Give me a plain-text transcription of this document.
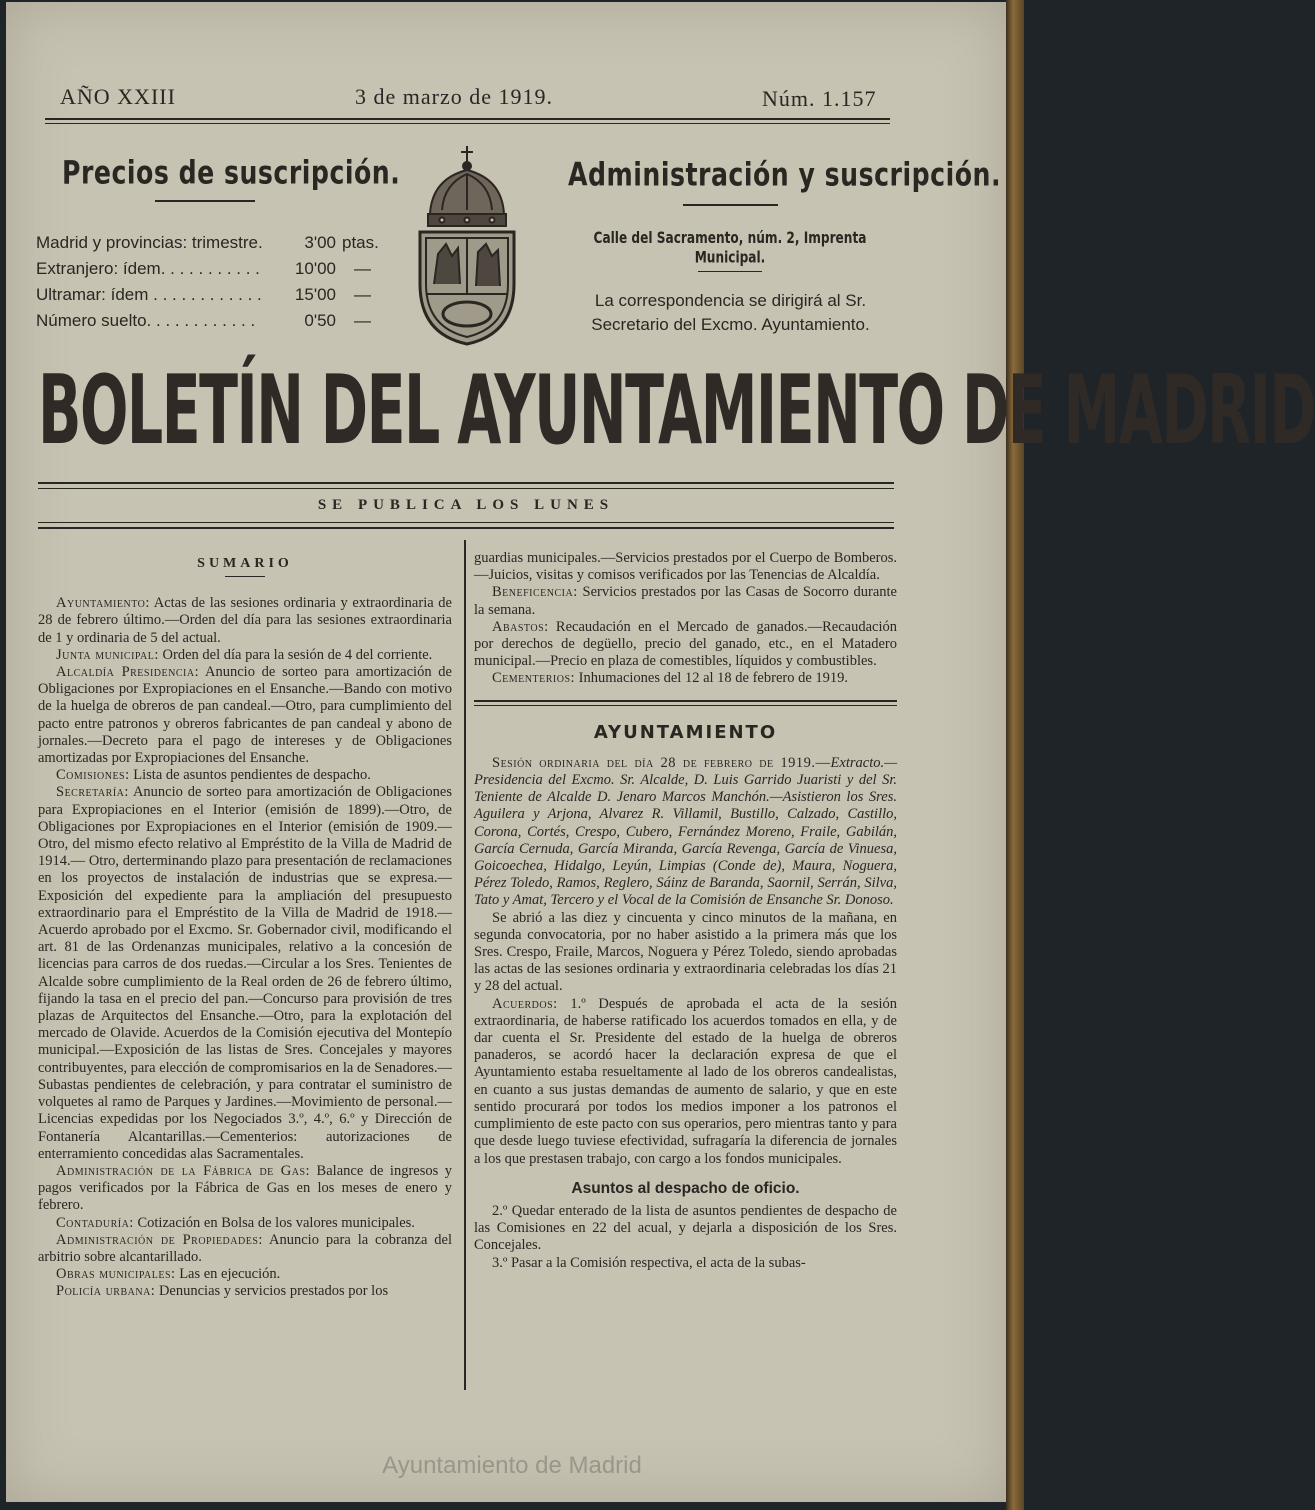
AÑO XXIII	3 de marzo de 1919.	Núm. 1.157
Precios de suscripción.
Madrid y provincias: trimestre.	3'00 ptas.
Extranjero: ídem. . . . . . . . . . .	10'00 —
Ultramar: ídem . . . . . . . . . . . .	15'00 —
Número suelto. . . . . . . . . . . .	0'50 —
Administración y suscripción.
Calle del Sacramento, núm. 2, Imprenta Municipal.
La correspondencia se dirigirá al Sr. Secretario del Excmo. Ayuntamiento.
BOLETÍN DEL AYUNTAMIENTO DE MADRID
SE PUBLICA LOS LUNES
SUMARIO

Ayuntamiento: Actas de las sesiones ordinaria y extraordinaria de 28 de febrero último.—Orden del día para las sesiones extraordinaria de 1 y ordinaria de 5 del actual.

Junta municipal: Orden del día para la sesión de 4 del corriente.

Alcaldía Presidencia: Anuncio de sorteo para amortización de Obligaciones por Expropiaciones en el Ensanche.—Bando con motivo de la huelga de obreros de pan candeal.—Otro, para cumplimiento del pacto entre patronos y obreros fabricantes de pan candeal y abono de jornales.—Decreto para el pago de intereses y de Obligaciones amortizadas por Expropiaciones del Ensanche.

Comisiones: Lista de asuntos pendientes de despacho.

Secretaría: Anuncio de sorteo para amortización de Obligaciones para Expropiaciones en el Interior (emisión de 1899).—Otro, de Obligaciones por Expropiaciones en el Interior (emisión de 1909.—Otro, del mismo efecto relativo al Empréstito de la Villa de Madrid de 1914.— Otro, derterminando plazo para presentación de reclamaciones en los proyectos de instalación de industrias que se expresa.—Exposición del expediente para la ampliación del presupuesto extraordinario para el Empréstito de la Villa de Madrid de 1918.—Acuerdo aprobado por el Excmo. Sr. Gobernador civil, modificando el art. 81 de las Ordenanzas municipales, relativo a la concesión de licencias para carros de dos ruedas.—Circular a los Sres. Tenientes de Alcalde sobre cumplimiento de la Real orden de 26 de febrero último, fijando la tasa en el precio del pan.—Concurso para provisión de tres plazas de Arquitectos del Ensanche.—Otro, para la explotación del mercado de Olavide. Acuerdos de la Comisión ejecutiva del Montepío municipal.—Exposición de las listas de Sres. Concejales y mayores contribuyentes, para elección de compromisarios en la de Senadores.—Subastas pendientes de celebración, y para contratar el suministro de volquetes al ramo de Parques y Jardines.—Movimiento de personal.—Licencias expedidas por los Negociados 3.º, 4.º, 6.º y Dirección de Fontanería Alcantarillas.—Cementerios: autorizaciones de enterramiento concedidas alas Sacramentales.

Administración de la Fábrica de Gas: Balance de ingresos y pagos verificados por la Fábrica de Gas en los meses de enero y febrero.

Contaduría: Cotización en Bolsa de los valores municipales.

Administración de Propiedades: Anuncio para la cobranza del arbitrio sobre alcantarillado.

Obras municipales: Las en ejecución.

Policía urbana: Denuncias y servicios prestados por los

guardias municipales.—Servicios prestados por el Cuerpo de Bomberos.—Juicios, visitas y comisos verificados por las Tenencias de Alcaldía.

Beneficencia: Servicios prestados por las Casas de Socorro durante la semana.

Abastos: Recaudación en el Mercado de ganados.—Recaudación por derechos de degüello, precio del ganado, etc., en el Matadero municipal.—Precio en plaza de comestibles, líquidos y combustibles.

Cementerios: Inhumaciones del 12 al 18 de febrero de 1919.

AYUNTAMIENTO

Sesión ordinaria del día 28 de febrero de 1919.—Extracto.—Presidencia del Excmo. Sr. Alcalde, D. Luis Garrido Juaristi y del Sr. Teniente de Alcalde D. Jenaro Marcos Manchón.—Asistieron los Sres. Aguilera y Arjona, Alvarez R. Villamil, Bustillo, Calzado, Castillo, Corona, Cortés, Crespo, Cubero, Fernández Moreno, Fraile, Gabilán, García Cernuda, García Miranda, García Revenga, García de Vinuesa, Goicoechea, Hidalgo, Leyún, Limpias (Conde de), Maura, Noguera, Pérez Toledo, Ramos, Reglero, Sáinz de Baranda, Saornil, Serrán, Silva, Tato y Amat, Tercero y el Vocal de la Comisión de Ensanche Sr. Donoso.

Se abrió a las diez y cincuenta y cinco minutos de la mañana, en segunda convocatoria, por no haber asistido a la primera más que los Sres. Crespo, Fraile, Marcos, Noguera y Pérez Toledo, siendo aprobadas las actas de las sesiones ordinaria y extraordinaria celebradas los días 21 y 28 del actual.

Acuerdos: 1.º Después de aprobada el acta de la sesión extraordinaria, de haberse ratificado los acuerdos tomados en ella, y de dar cuenta el Sr. Presidente del estado de la huelga de obreros panaderos, se acordó hacer la declaración expresa de que el Ayuntamiento estaba resueltamente al lado de los obreros candealistas, en cuanto a sus justas demandas de aumento de salario, y que en este sentido procurará por todos los medios imponer a los patronos el cumplimiento de este pacto con sus operarios, pero mientras tanto y para que desde luego tuviese efectividad, sufragaría la diferencia de jornales a los que prestasen trabajo, con cargo a los fondos municipales.

Asuntos al despacho de oficio.

2.º Quedar enterado de la lista de asuntos pendientes de despacho de las Comisiones en 22 del acual, y dejarla a disposición de los Sres. Concejales.

3.º Pasar a la Comisión respectiva, el acta de la subas-

Ayuntamiento de Madrid
